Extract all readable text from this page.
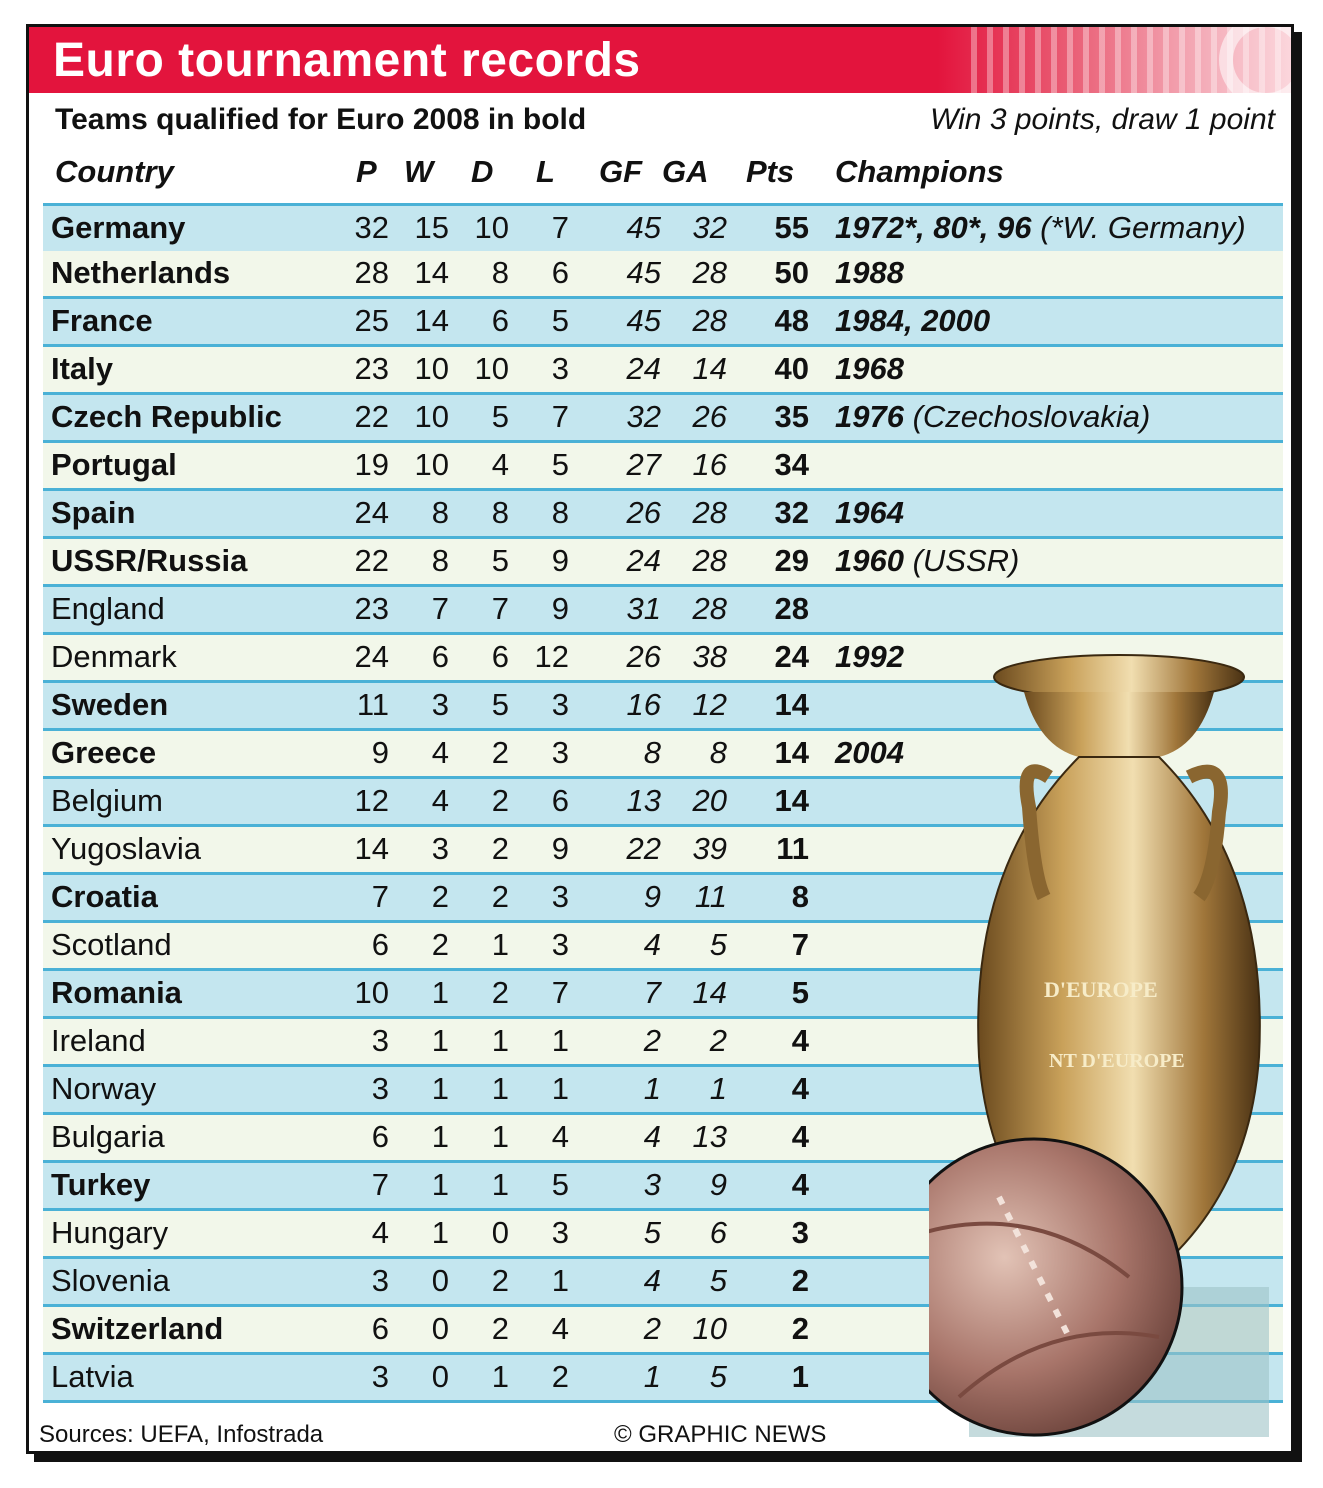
Euro tournament records
Teams qualified for Euro 2008 in bold	Win 3 points, draw 1 point
Country	P W D L GF GA Pts Champions
Germany	32 15 10 7 45 32 55 1972*, 80*, 96 (*W. Germany)
Netherlands	28 14 8 6 45 28 50 1988
France	25 14 6 5 45 28 48 1984, 2000
Italy	23 10 10 3 24 14 40 1968
Czech Republic 22 10 5 7 32 26 35 1976 (Czechoslovakia)
Portugal	19 10 4 5 27 16 34
Spain	24 8 8 8 26 28 32 1964
USSR/Russia	22 8 5 9 24 28 29 1960 (USSR)
England	23 7 7 9 31 28 28
Denmark	24 6 6 12 26 38 24 1992
Sweden	11 3 5 3 16 12 14
Greece	9 4 2 3 8 8 14 2004
Belgium	12 4 2 6 13 20 14
Yugoslavia	14 3 2 9 22 39 11
Croatia	7 2 2 3 9 11 8
Scotland	6 2 1 3 4 5 7
Romania	10 1 2 7 7 14 5
Ireland	3 1 1 1 2 2 4
Norway	3 1 1 1 1 1 4
Bulgaria	6 1 1 4 4 13 4
Turkey	7 1 1 5 3 9 4
Hungary	4 1 0 3 5 6 3
Slovenia	3 0 2 1 4 5 2
Switzerland	6 0 2 4 2 10 2
Latvia	3 0 1 2 1 5 1
D'EUROPE
NT D'EUROPE
Sources: UEFA, Infostrada	© GRAPHIC NEWS
